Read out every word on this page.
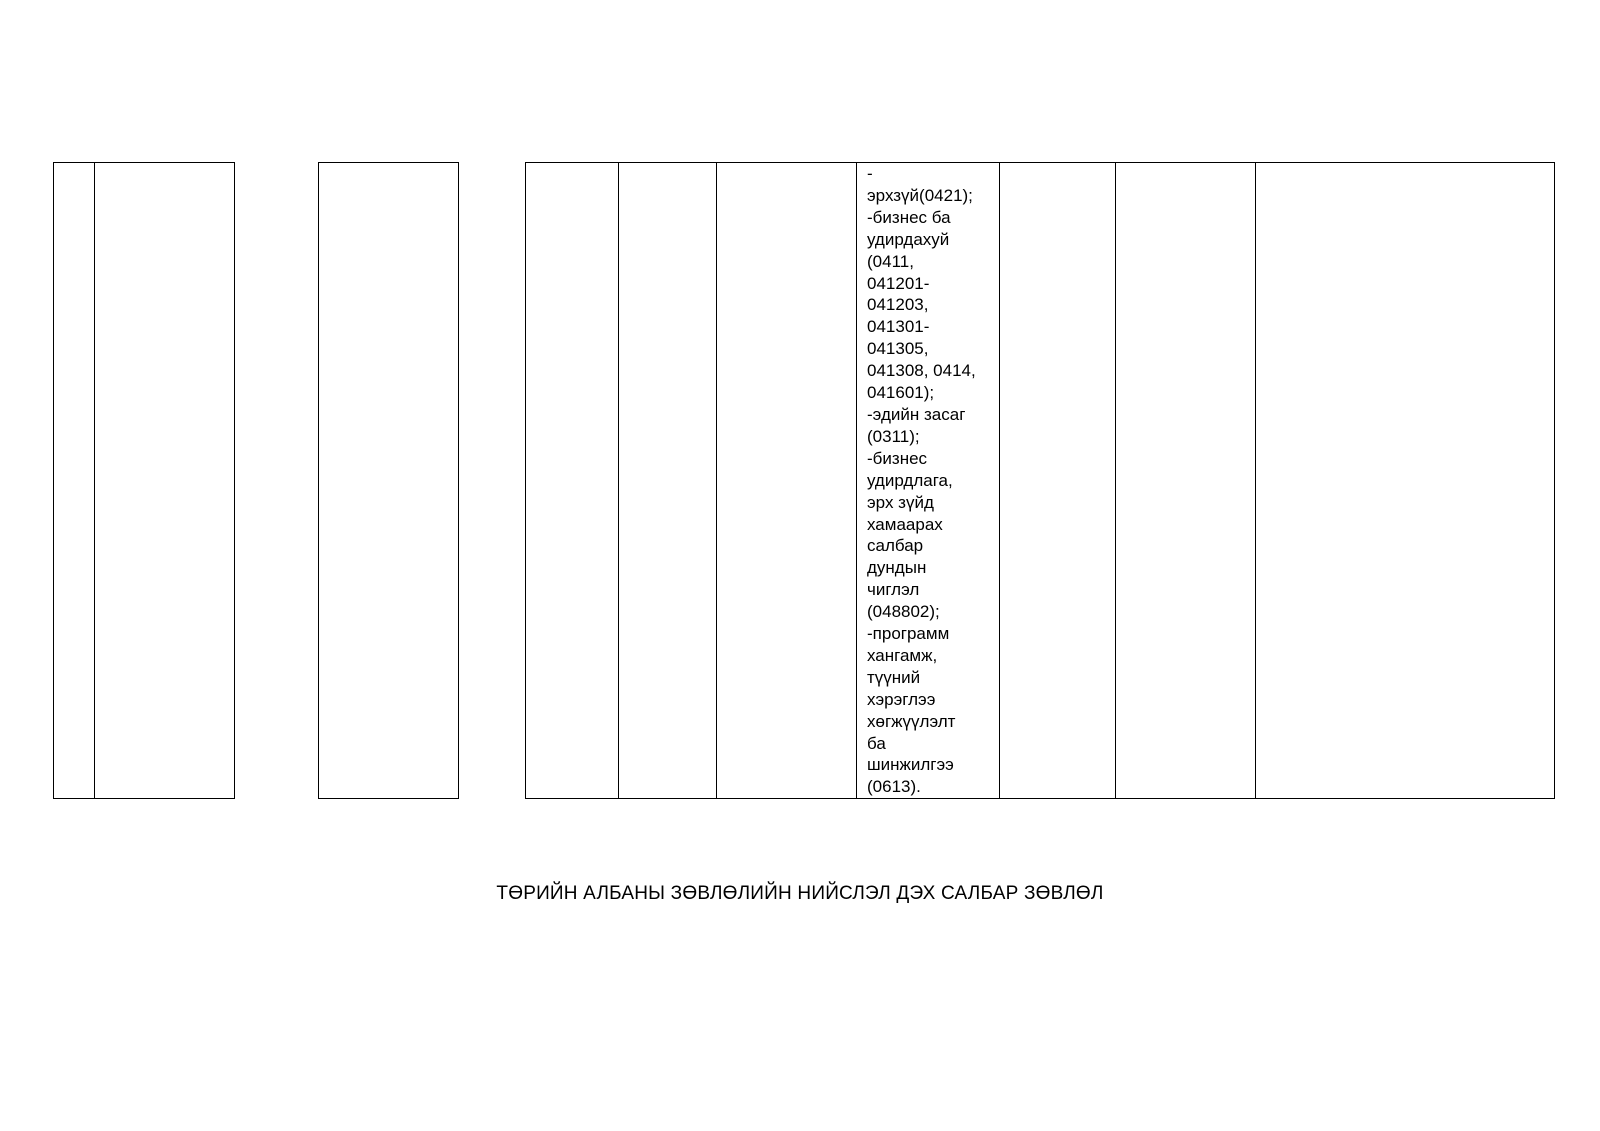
-
эрхзүй(0421);
-бизнес ба
удирдахуй
(0411,
041201-
041203,
041301-
041305,
041308, 0414,
041601);
-эдийн засаг
(0311);
-бизнес
удирдлага,
эрх зүйд
хамаарах
салбар
дундын
чиглэл
(048802);
-программ
хангамж,
түүний
хэрэглээ
хөгжүүлэлт
ба
шинжилгээ
(0613).

ТӨРИЙН АЛБАНЫ ЗӨВЛӨЛИЙН НИЙСЛЭЛ ДЭХ САЛБАР ЗӨВЛӨЛ
